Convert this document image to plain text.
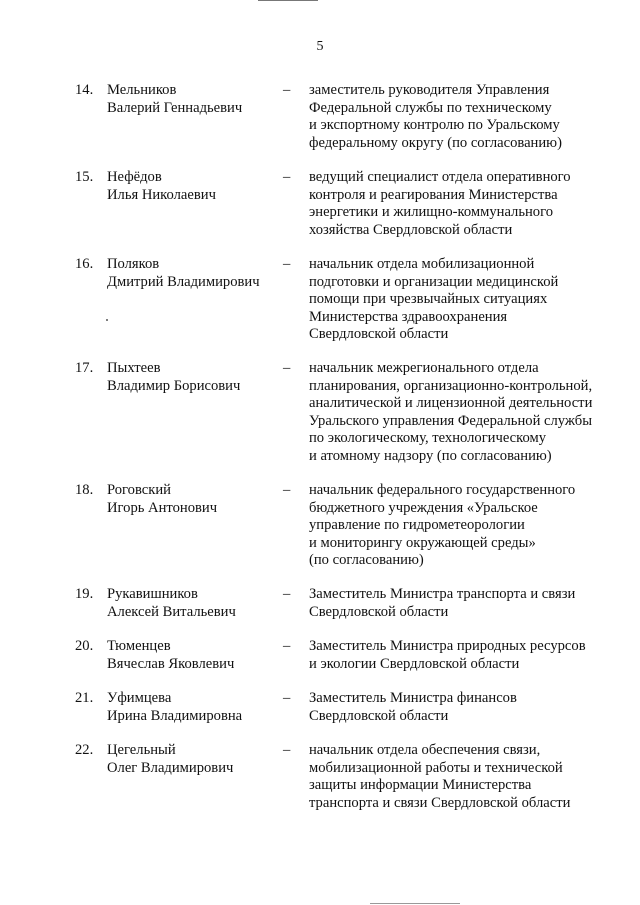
5
14. Мельников
Валерий Геннадьевич
–	заместитель руководителя Управления
Федеральной службы по техническому
и экспортному контролю по Уральскому
федеральному округу (по согласованию)
15. Нефёдов
Илья Николаевич
–	ведущий специалист отдела оперативного
контроля и реагирования Министерства
энергетики и жилищно-коммунального
хозяйства Свердловской области
16. Поляков
Дмитрий Владимирович
–	начальник отдела мобилизационной
подготовки и организации медицинской
помощи при чрезвычайных ситуациях
Министерства здравоохранения
Свердловской области
17. Пыхтеев
Владимир Борисович
–	начальник межрегионального отдела
планирования, организационно-контрольной,
аналитической и лицензионной деятельности
Уральского управления Федеральной службы
по экологическому, технологическому
и атомному надзору (по согласованию)
18. Роговский
Игорь Антонович
–	начальник федерального государственного
бюджетного учреждения «Уральское
управление по гидрометеорологии
и мониторингу окружающей среды»
(по согласованию)
19. Рукавишников
Алексей Витальевич
–	Заместитель Министра транспорта и связи
Свердловской области
20. Тюменцев
Вячеслав Яковлевич
–	Заместитель Министра природных ресурсов
и экологии Свердловской области
21. Уфимцева
Ирина Владимировна
–	Заместитель Министра финансов
Свердловской области
22. Цегельный
Олег Владимирович
–	начальник отдела обеспечения связи,
мобилизационной работы и технической
защиты информации Министерства
транспорта и связи Свердловской области
